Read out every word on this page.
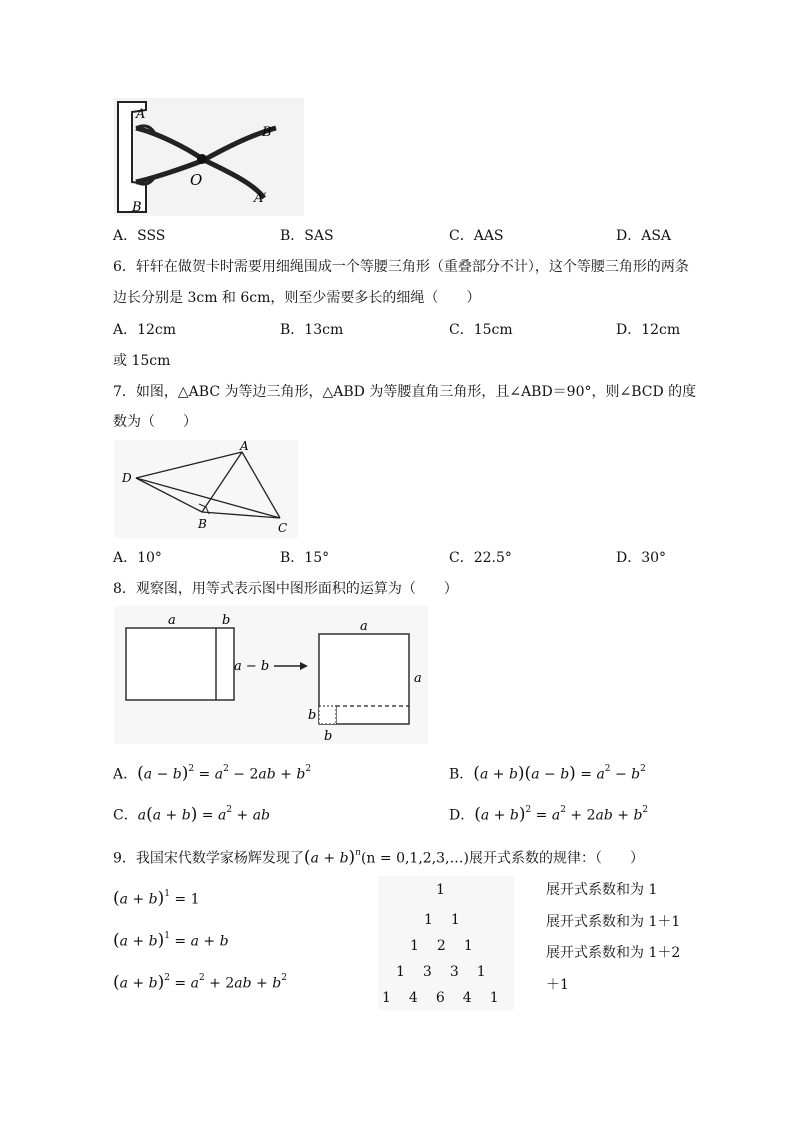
A
B
O
B′
A′
A．SSS	B．SAS	C．AAS	D．ASA
6．轩轩在做贺卡时需要用细绳围成一个等腰三角形（重叠部分不计），这个等腰三角形的两条
边长分别是 3cm 和 6cm，则至少需要多长的细绳（　　）
A．12cm	B．13cm	C．15cm	D．12cm
或 15cm
7．如图，△ABC 为等边三角形，△ABD 为等腰直角三角形，且∠ABD＝90°，则∠BCD 的度
数为（　　）
A
B	C
D
A．10°	B．15°	C．22.5°	D．30°
8．观察图，用等式表示图中图形面积的运算为（　　）
a	b
a − b
a
a
b
b
A．$(a - b)^2 = a^2 - 2ab + b^2$	B．$(a + b)(a - b) = a^2 - b^2$
C．$a(a + b) = a^2$ + ab	D．$(a + b)^2 = a^2 + 2ab + b^2$
9．我国宋代数学家杨辉发现了$(a + b)^n(n$ = 0,1,2,3,…)展开式系数的规律：（　　）
$(a + b)^1 = 1$
$(a + b)^1 = a + b$
$(a + b)^2 = a^2 + 2ab + b^2$
1
1 1
1 2 1
1 3 3 1
1 4 6 4 1
展开式系数和为 1
展开式系数和为 1＋1
展开式系数和为 1＋2
＋1
